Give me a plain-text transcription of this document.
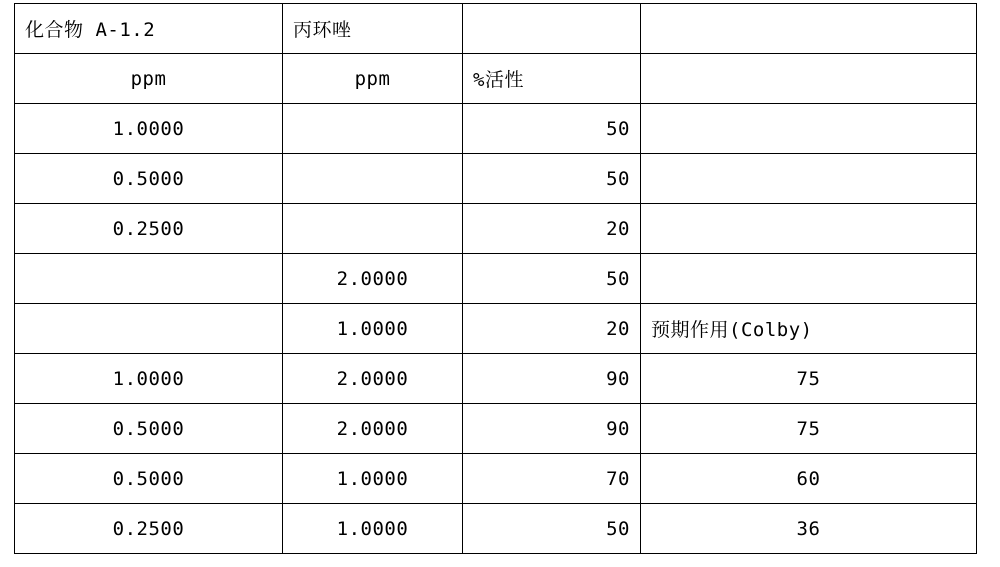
化合物 A-1.2	丙环唑		
ppm	ppm	%活性	
1.0000		50	
0.5000		50	
0.2500		20	
	2.0000	50	
	1.0000	20	预期作用(Colby)
1.0000	2.0000	90	75
0.5000	2.0000	90	75
0.5000	1.0000	70	60
0.2500	1.0000	50	36
